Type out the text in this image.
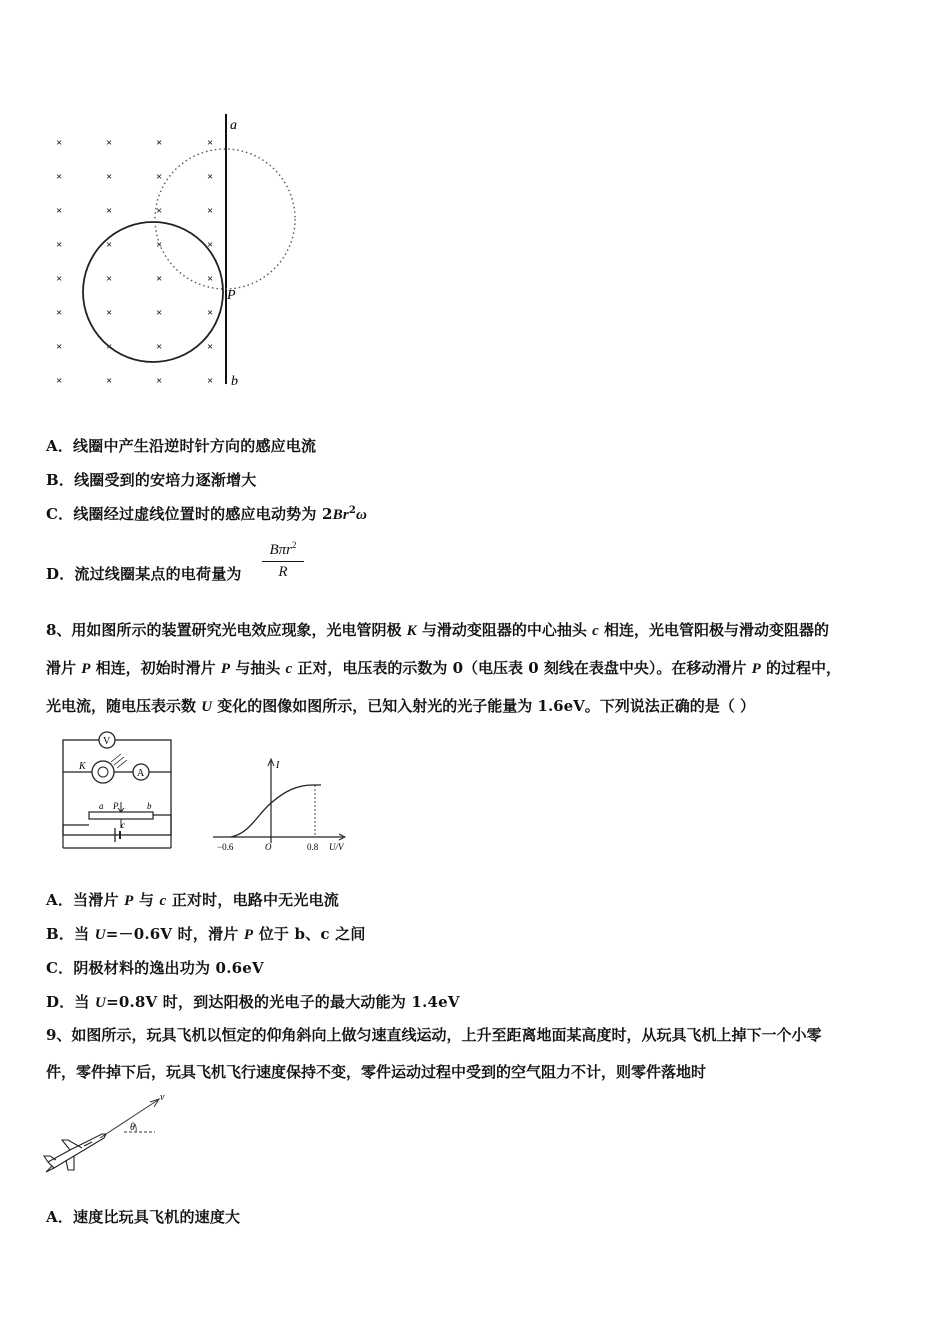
×	×	×	×
×	×	×	×
×	×	×	×
×	×	×	×
×	×	×	×
×	×	×	×
×	×	×	×
×	×	×	×
a
P
b
A．线圈中产生沿逆时针方向的感应电流
B．线圈受到的安培力逐渐增大
C．线圈经过虚线位置时的感应电动势为 2Br$^2$ω
D．流过线圈某点的电荷量为
Bπr$^2$
R
8、用如图所示的装置研究光电效应现象，光电管阴极 K 与滑动变阻器的中心抽头 c 相连，光电管阳极与滑动变阻器的
滑片 P 相连，初始时滑片 P 与抽头 c 正对，电压表的示数为 0（电压表 0 刻线在表盘中央）。在移动滑片 P 的过程中，
光电流，随电压表示数 U 变化的图像如图所示，已知入射光的光子能量为 1.6eV。下列说法正确的是（ ）
V
K
A
a P	b
c
I
U/V
−0.6	O	0.8
A．当滑片 P 与 c 正对时，电路中无光电流
B．当 U=－0.6V 时，滑片 P 位于 b、c 之间
C．阴极材料的逸出功为 0.6eV
D．当 U=0.8V 时，到达阳极的光电子的最大动能为 1.4eV
9、如图所示，玩具飞机以恒定的仰角斜向上做匀速直线运动，上升至距离地面某高度时，从玩具飞机上掉下一个小零
件，零件掉下后，玩具飞机飞行速度保持不变，零件运动过程中受到的空气阻力不计，则零件落地时
v
θ
A．速度比玩具飞机的速度大
